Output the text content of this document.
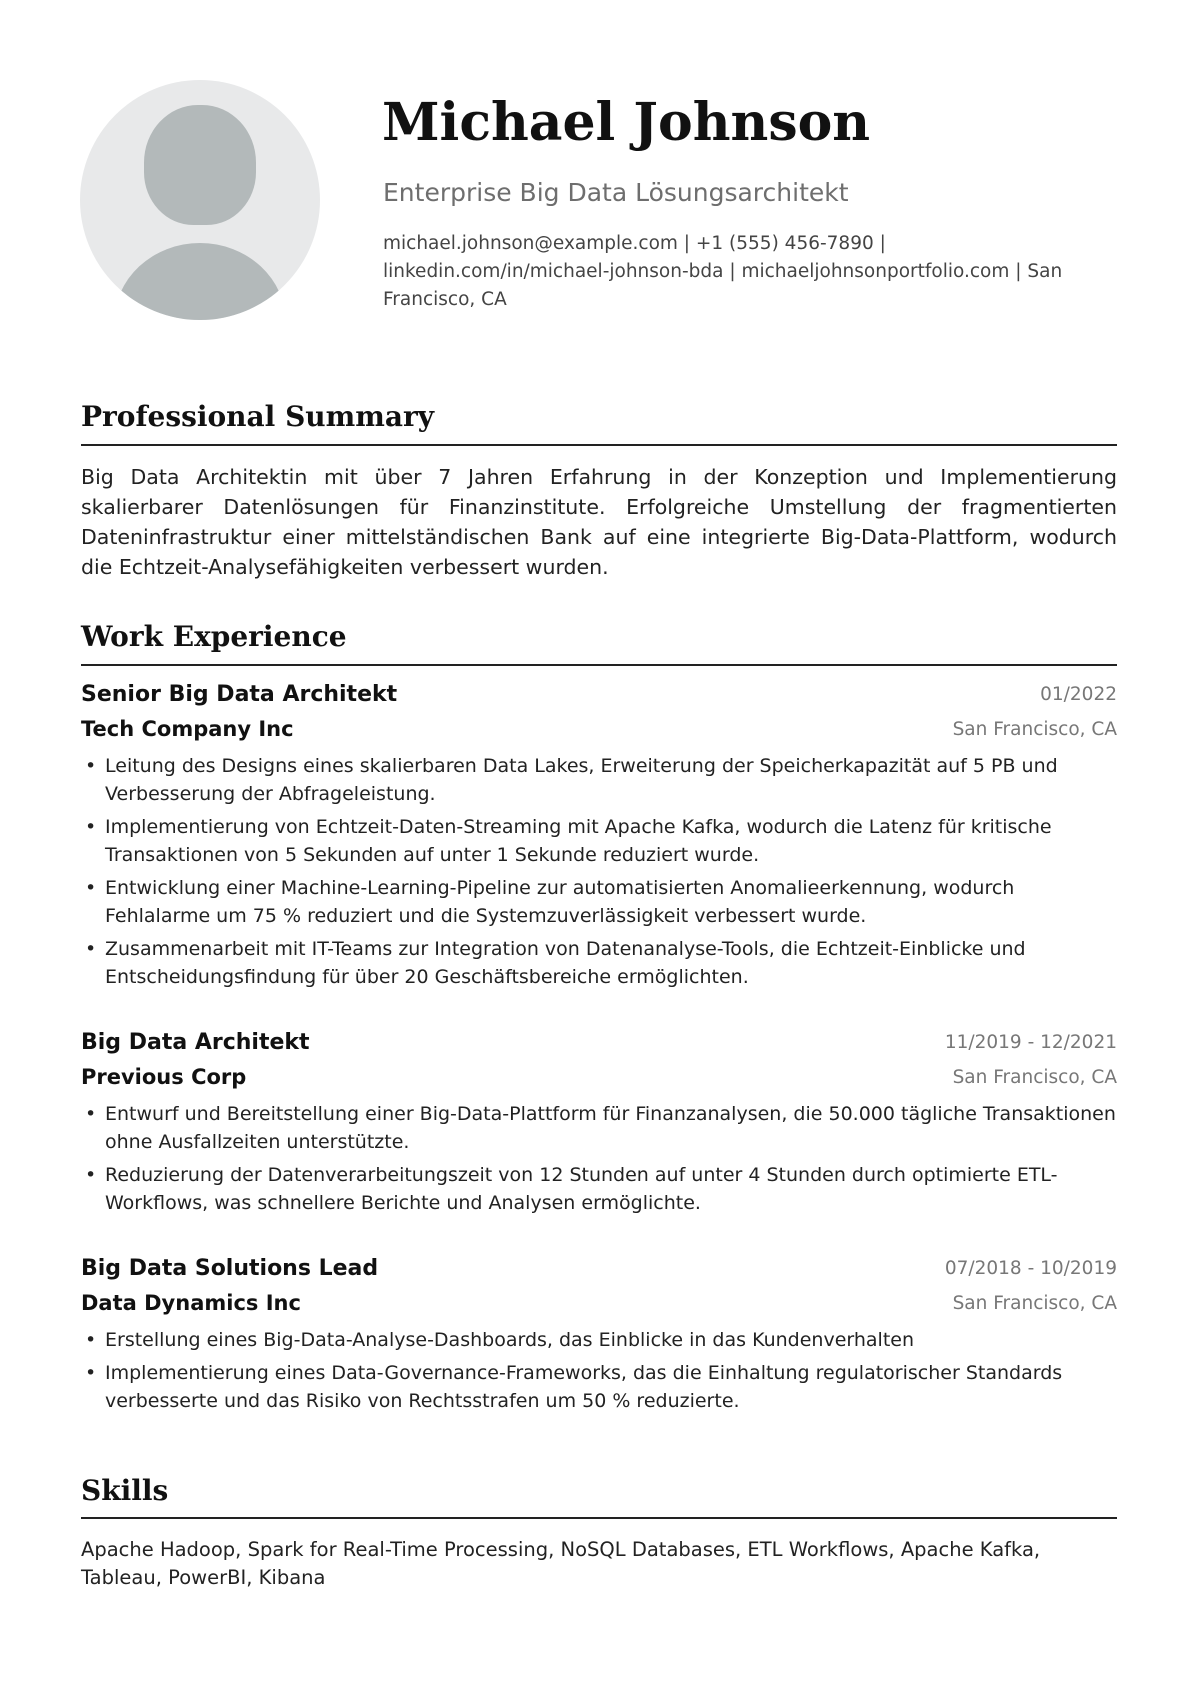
Michael Johnson
Enterprise Big Data Lösungsarchitekt
michael.johnson@example.com | +1 (555) 456-7890 | linkedin.com/in/michael-johnson-bda | michaeljohnsonportfolio.com | San Francisco, CA
Professional Summary
Big Data Architektin mit über 7 Jahren Erfahrung in der Konzeption und Implementierung skalierbarer Datenlösungen für Finanzinstitute. Erfolgreiche Umstellung der fragmentierten Dateninfrastruktur einer mittelständischen Bank auf eine integrierte Big-Data-Plattform, wodurch die Echtzeit-Analysefähigkeiten verbessert wurden.
Work Experience
Senior Big Data Architekt	01/2022
Tech Company Inc	San Francisco, CA
• Leitung des Designs eines skalierbaren Data Lakes, Erweiterung der Speicherkapazität auf 5 PB und Verbesserung der Abfrageleistung.
• Implementierung von Echtzeit-Daten-Streaming mit Apache Kafka, wodurch die Latenz für kritische Transaktionen von 5 Sekunden auf unter 1 Sekunde reduziert wurde.
• Entwicklung einer Machine-Learning-Pipeline zur automatisierten Anomalieerkennung, wodurch Fehlalarme um 75 % reduziert und die Systemzuverlässigkeit verbessert wurde.
• Zusammenarbeit mit IT-Teams zur Integration von Datenanalyse-Tools, die Echtzeit-Einblicke und Entscheidungsfindung für über 20 Geschäftsbereiche ermöglichten.
Big Data Architekt	11/2019 - 12/2021
Previous Corp	San Francisco, CA
• Entwurf und Bereitstellung einer Big-Data-Plattform für Finanzanalysen, die 50.000 tägliche Transaktionen ohne Ausfallzeiten unterstützte.
• Reduzierung der Datenverarbeitungszeit von 12 Stunden auf unter 4 Stunden durch optimierte ETL-Workflows, was schnellere Berichte und Analysen ermöglichte.
Big Data Solutions Lead	07/2018 - 10/2019
Data Dynamics Inc	San Francisco, CA
• Erstellung eines Big-Data-Analyse-Dashboards, das Einblicke in das Kundenverhalten
• Implementierung eines Data-Governance-Frameworks, das die Einhaltung regulatorischer Standards verbesserte und das Risiko von Rechtsstrafen um 50 % reduzierte.
Skills
Apache Hadoop, Spark for Real-Time Processing, NoSQL Databases, ETL Workflows, Apache Kafka, Tableau, PowerBI, Kibana
